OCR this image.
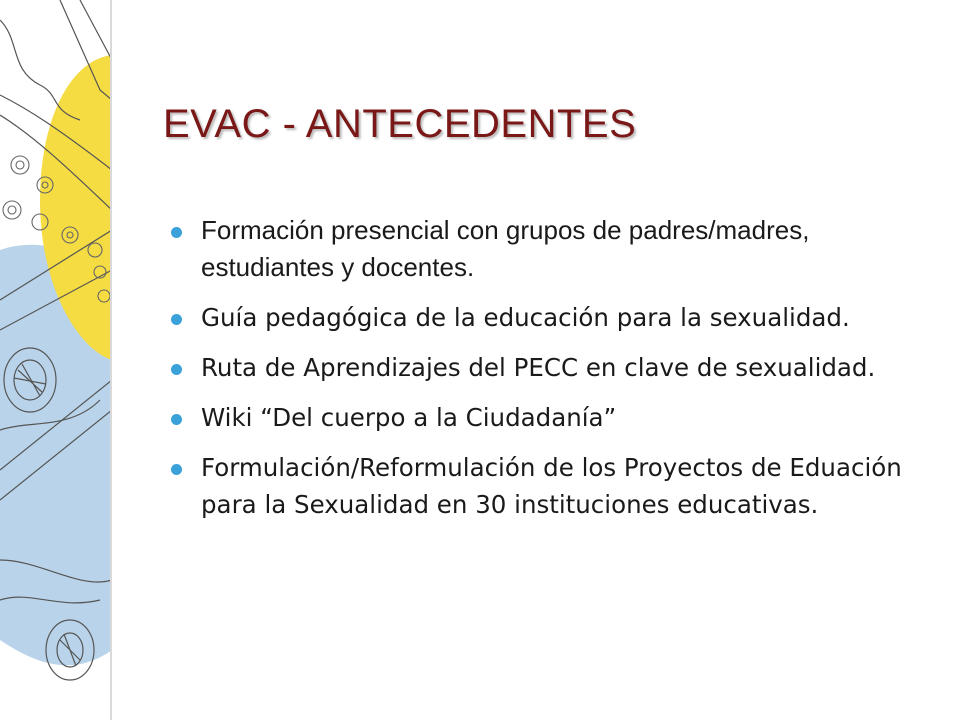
EVAC - ANTECEDENTES
Formación presencial con grupos de padres/madres, estudiantes y docentes.
Guía pedagógica de la educación para la sexualidad.
Ruta de Aprendizajes del PECC en clave de sexualidad.
Wiki “Del cuerpo a la Ciudadanía”
Formulación/Reformulación de los Proyectos de Eduación para la Sexualidad en 30 instituciones educativas.
